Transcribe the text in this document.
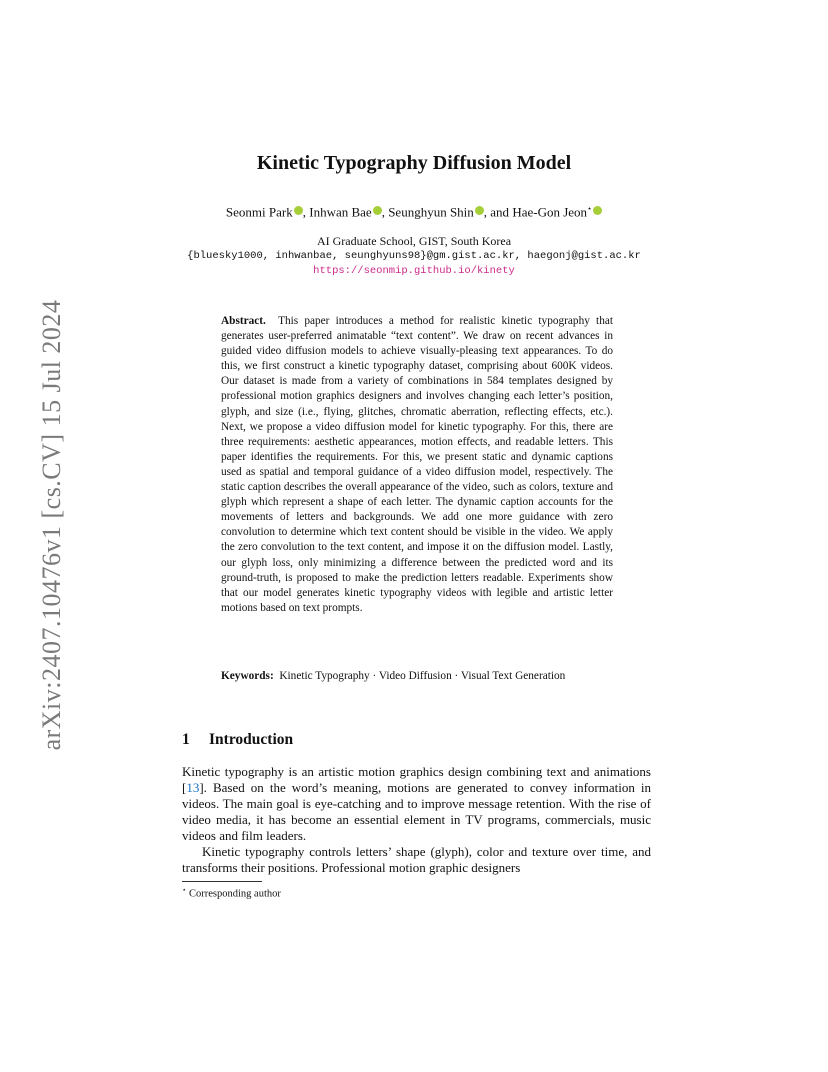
arXiv:2407.10476v1 [cs.CV] 15 Jul 2024
Kinetic Typography Diffusion Model
Seonmi Park , Inhwan Bae , Seunghyun Shin , and Hae-Gon Jeon⋆
AI Graduate School, GIST, South Korea
{bluesky1000, inhwanbae, seunghyuns98}@gm.gist.ac.kr, haegonj@gist.ac.kr
https://seonmip.github.io/kinety
Abstract. This paper introduces a method for realistic kinetic typography that generates user-preferred animatable “text content”. We draw on recent advances in guided video diffusion models to achieve visually-pleasing text appearances. To do this, we first construct a kinetic typography dataset, comprising about 600K videos. Our dataset is made from a variety of combinations in 584 templates designed by professional motion graphics designers and involves changing each letter’s position, glyph, and size (i.e., flying, glitches, chromatic aberration, reflecting effects, etc.). Next, we propose a video diffusion model for kinetic typography. For this, there are three requirements: aesthetic appearances, motion effects, and readable letters. This paper identifies the requirements. For this, we present static and dynamic captions used as spatial and temporal guidance of a video diffusion model, respectively. The static caption describes the overall appearance of the video, such as colors, texture and glyph which represent a shape of each letter. The dynamic caption accounts for the movements of letters and backgrounds. We add one more guidance with zero convolution to determine which text content should be visible in the video. We apply the zero convolution to the text content, and impose it on the diffusion model. Lastly, our glyph loss, only minimizing a difference between the predicted word and its ground-truth, is proposed to make the prediction letters readable. Experiments show that our model generates kinetic typography videos with legible and artistic letter motions based on text prompts.
Keywords: Kinetic Typography · Video Diffusion · Visual Text Generation
1 Introduction

Kinetic typography is an artistic motion graphics design combining text and animations [13]. Based on the word’s meaning, motions are generated to convey information in videos. The main goal is eye-catching and to improve message retention. With the rise of video media, it has become an essential element in TV programs, commercials, music videos and film leaders.

Kinetic typography controls letters’ shape (glyph), color and texture over time, and transforms their positions. Professional motion graphic designers

⋆ Corresponding author
